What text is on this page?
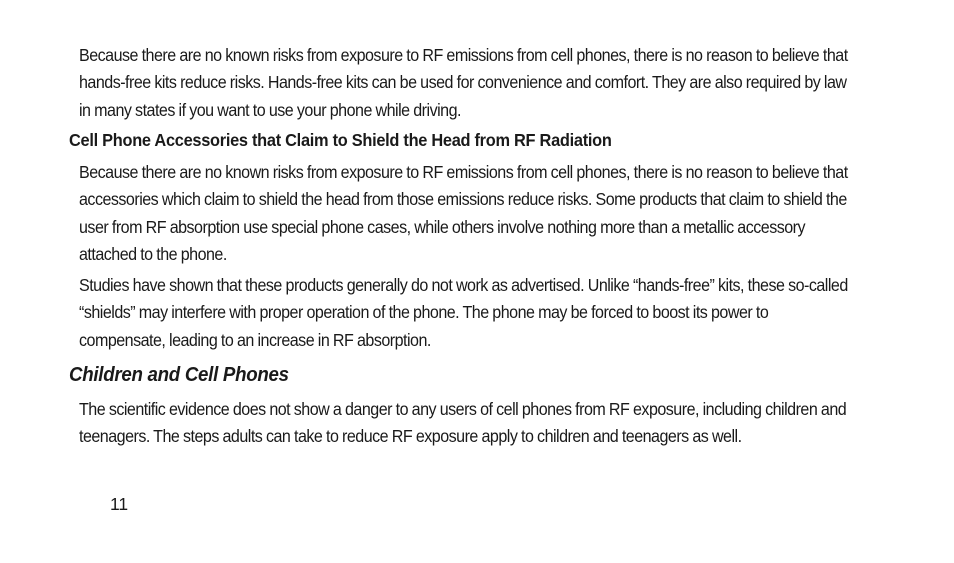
Because there are no known risks from exposure to RF emissions from cell phones, there is no reason to believe that hands-free kits reduce risks. Hands-free kits can be used for convenience and comfort. They are also required by law in many states if you want to use your phone while driving.

Cell Phone Accessories that Claim to Shield the Head from RF Radiation

Because there are no known risks from exposure to RF emissions from cell phones, there is no reason to believe that accessories which claim to shield the head from those emissions reduce risks. Some products that claim to shield the user from RF absorption use special phone cases, while others involve nothing more than a metallic accessory attached to the phone.

Studies have shown that these products generally do not work as advertised. Unlike “hands-free” kits, these so-called “shields” may interfere with proper operation of the phone. The phone may be forced to boost its power to compensate, leading to an increase in RF absorption.

Children and Cell Phones

The scientific evidence does not show a danger to any users of cell phones from RF exposure, including children and teenagers. The steps adults can take to reduce RF exposure apply to children and teenagers as well.

11
